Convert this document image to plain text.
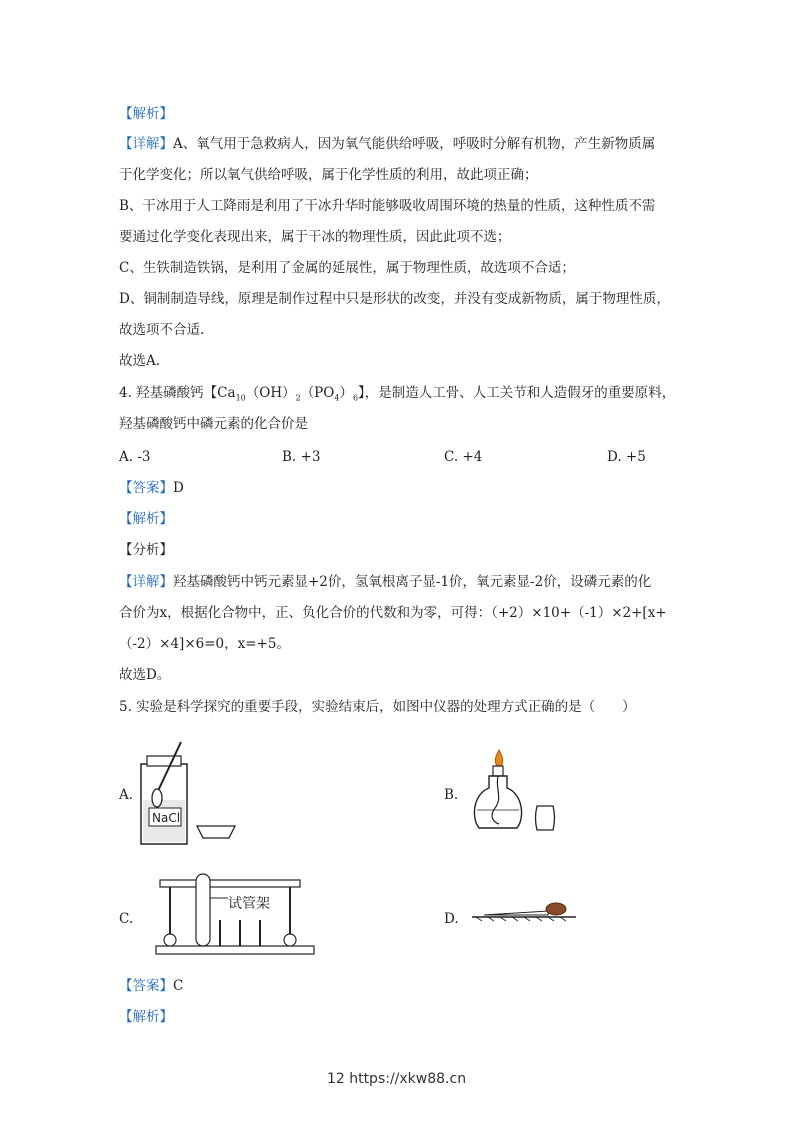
【解析】
【详解】A、氧气用于急救病人，因为氧气能供给呼吸，呼吸时分解有机物，产生新物质属
于化学变化；所以氧气供给呼吸，属于化学性质的利用，故此项正确；
B、干冰用于人工降雨是利用了干冰升华时能够吸收周围环境的热量的性质，这种性质不需
要通过化学变化表现出来，属于干冰的物理性质，因此此项不选；
C、生铁制造铁锅，是利用了金属的延展性，属于物理性质，故选项不合适；
D、铜制制造导线，原理是制作过程中只是形状的改变，并没有变成新物质，属于物理性质，
故选项不合适.
故选A.
4. 羟基磷酸钙【$Ca_{10}(OH)_2(PO_4)_6$】，是制造人工骨、人工关节和人造假牙的重要原料，
羟基磷酸钙中磷元素的化合价是
A. -3	B. +3	C. +4	D. +5
【答案】D
【解析】
【分析】
【详解】羟基磷酸钙中钙元素显+2价，氢氧根离子显-1价，氧元素显-2价，设磷元素的化
合价为x，根据化合物中，正、负化合价的代数和为零，可得：（+2）×10+（-1）×2+[x+
（-2）×4]×6=0，x=+5。
故选D。
5. 实验是科学探究的重要手段，实验结束后，如图中仪器的处理方式正确的是（　　）
A.
NaCl
B.
C.
试管架
D.
【答案】C
【解析】
12 https://xkw88.cn
